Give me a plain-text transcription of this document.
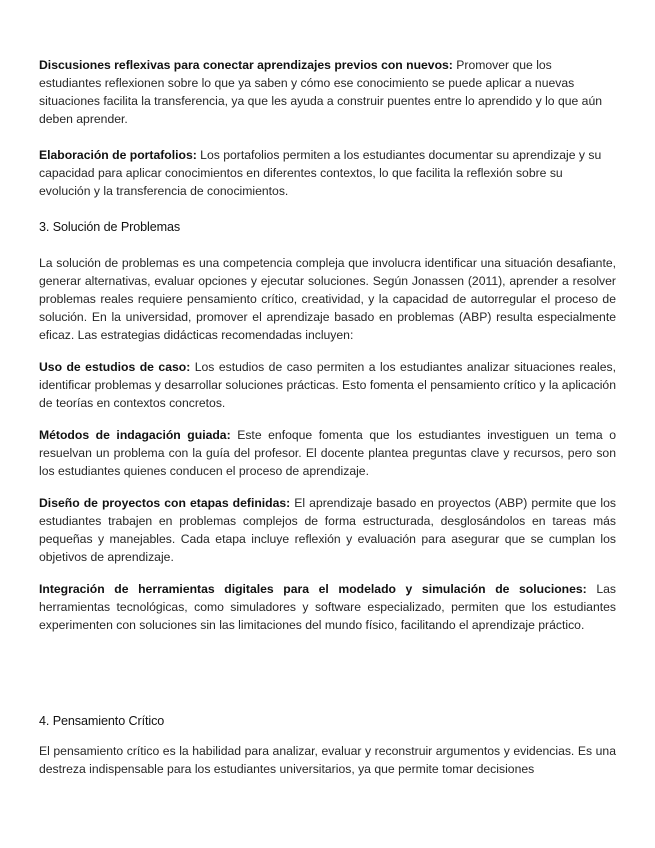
Discusiones reflexivas para conectar aprendizajes previos con nuevos: Promover que los estudiantes reflexionen sobre lo que ya saben y cómo ese conocimiento se puede aplicar a nuevas situaciones facilita la transferencia, ya que les ayuda a construir puentes entre lo aprendido y lo que aún deben aprender.

Elaboración de portafolios: Los portafolios permiten a los estudiantes documentar su aprendizaje y su capacidad para aplicar conocimientos en diferentes contextos, lo que facilita la reflexión sobre su evolución y la transferencia de conocimientos.

3. Solución de Problemas

La solución de problemas es una competencia compleja que involucra identificar una situación desafiante, generar alternativas, evaluar opciones y ejecutar soluciones. Según Jonassen (2011), aprender a resolver problemas reales requiere pensamiento crítico, creatividad, y la capacidad de autorregular el proceso de solución. En la universidad, promover el aprendizaje basado en problemas (ABP) resulta especialmente eficaz. Las estrategias didácticas recomendadas incluyen:

Uso de estudios de caso: Los estudios de caso permiten a los estudiantes analizar situaciones reales, identificar problemas y desarrollar soluciones prácticas. Esto fomenta el pensamiento crítico y la aplicación de teorías en contextos concretos.

Métodos de indagación guiada: Este enfoque fomenta que los estudiantes investiguen un tema o resuelvan un problema con la guía del profesor. El docente plantea preguntas clave y recursos, pero son los estudiantes quienes conducen el proceso de aprendizaje.

Diseño de proyectos con etapas definidas: El aprendizaje basado en proyectos (ABP) permite que los estudiantes trabajen en problemas complejos de forma estructurada, desglosándolos en tareas más pequeñas y manejables. Cada etapa incluye reflexión y evaluación para asegurar que se cumplan los objetivos de aprendizaje.

Integración de herramientas digitales para el modelado y simulación de soluciones: Las herramientas tecnológicas, como simuladores y software especializado, permiten que los estudiantes experimenten con soluciones sin las limitaciones del mundo físico, facilitando el aprendizaje práctico.

4. Pensamiento Crítico

El pensamiento crítico es la habilidad para analizar, evaluar y reconstruir argumentos y evidencias. Es una destreza indispensable para los estudiantes universitarios, ya que permite tomar decisiones
